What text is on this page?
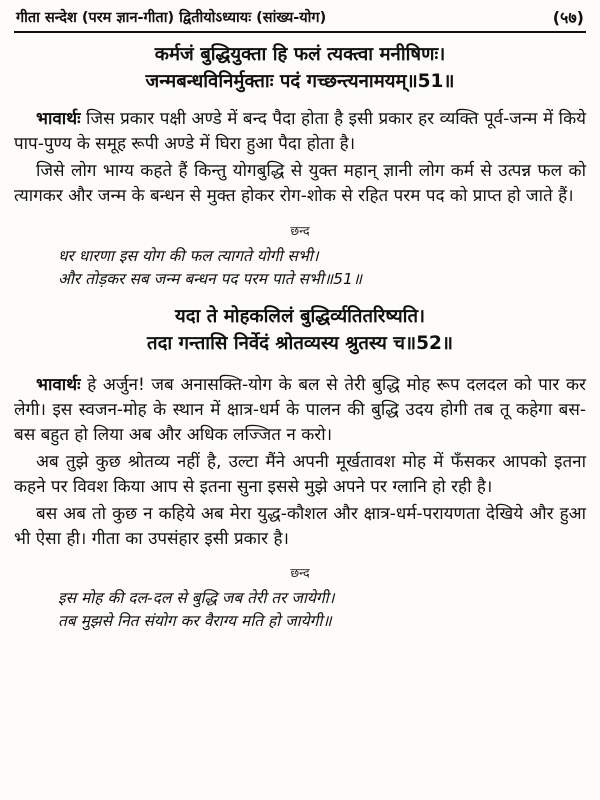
गीता सन्देश (परम ज्ञान-गीता) द्वितीयोऽध्यायः (सांख्य-योग)	(५७)
कर्मजं बुद्धियुक्ता हि फलं त्यक्त्वा मनीषिणः।
जन्मबन्धविनिर्मुक्ताः पदं गच्छन्त्यनामयम्॥51॥

भावार्थः जिस प्रकार पक्षी अण्डे में बन्द पैदा होता है इसी प्रकार हर व्यक्ति पूर्व-जन्म में किये पाप-पुण्य के समूह रूपी अण्डे में घिरा हुआ पैदा होता है।

जिसे लोग भाग्य कहते हैं किन्तु योगबुद्धि से युक्त महान् ज्ञानी लोग कर्म से उत्पन्न फल को त्यागकर और जन्म के बन्धन से मुक्त होकर रोग-शोक से रहित परम पद को प्राप्त हो जाते हैं।

छन्द
धर धारणा इस योग की फल त्यागते योगी सभी।
और तोड़कर सब जन्म बन्धन पद परम पाते सभी॥51॥
यदा ते मोहकलिलं बुद्धिर्व्यतितरिष्यति।
तदा गन्तासि निर्वेदं श्रोतव्यस्य श्रुतस्य च॥52॥

भावार्थः हे अर्जुन! जब अनासक्ति-योग के बल से तेरी बुद्धि मोह रूप दलदल को पार कर लेगी। इस स्वजन-मोह के स्थान में क्षात्र-धर्म के पालन की बुद्धि उदय होगी तब तू कहेगा बस-बस बहुत हो लिया अब और अधिक लज्जित न करो।

अब तुझे कुछ श्रोतव्य नहीं है, उल्टा मैंने अपनी मूर्खतावश मोह में फँसकर आपको इतना कहने पर विवश किया आप से इतना सुना इससे मुझे अपने पर ग्लानि हो रही है।

बस अब तो कुछ न कहिये अब मेरा युद्ध-कौशल और क्षात्र-धर्म-परायणता देखिये और हुआ भी ऐसा ही। गीता का उपसंहार इसी प्रकार है।

छन्द
इस मोह की दल-दल से बुद्धि जब तेरी तर जायेगी।
तब मुझसे नित संयोग कर वैराग्य मति हो जायेगी॥
